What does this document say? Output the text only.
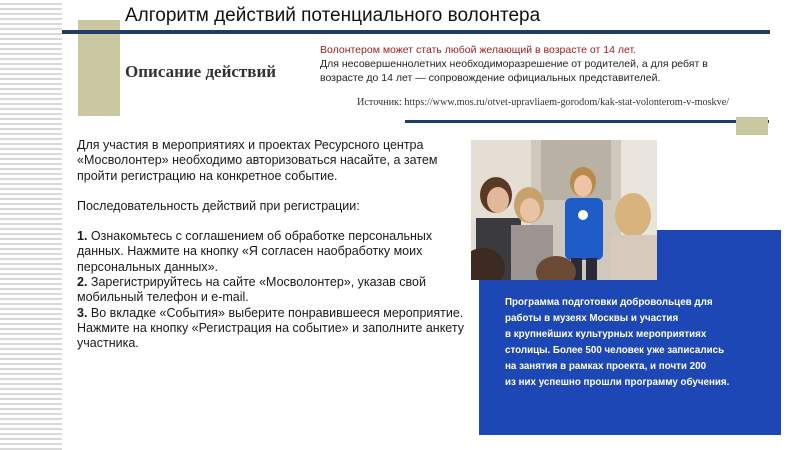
Алгоритм действий потенциального волонтера
Описание действий
Волонтером может стать любой желающий в возрасте от 14 лет.
Для несовершеннолетних необходиморазрешение от родителей, а для ребят в возрасте до 14 лет — сопровождение официальных представителей.
Источник: https://www.mos.ru/otvet-upravliaem-gorodom/kak-stat-volonterom-v-moskve/

Для участия в мероприятиях и проектах Ресурсного центра «Мосволонтер» необходимо авторизоваться насайте, а затем пройти регистрацию на конкретное событие.

Последовательность действий при регистрации:

1. Ознакомьтесь с соглашением об обработке персональных данных. Нажмите на кнопку «Я согласен наобработку моих персональных данных».

2. Зарегистрируйтесь на сайте «Мосволонтер», указав свой мобильный телефон и e-mail.

3. Во вкладке «События» выберите понравившееся мероприятие. Нажмите на кнопку «Регистрация на событие» и заполните анкету участника.

Программа подготовки добровольцев для
работы в музеях Москвы и участия
в крупнейших культурных мероприятиях
столицы. Более 500 человек уже записались
на занятия в рамках проекта, и почти 200
из них успешно прошли программу обучения.
